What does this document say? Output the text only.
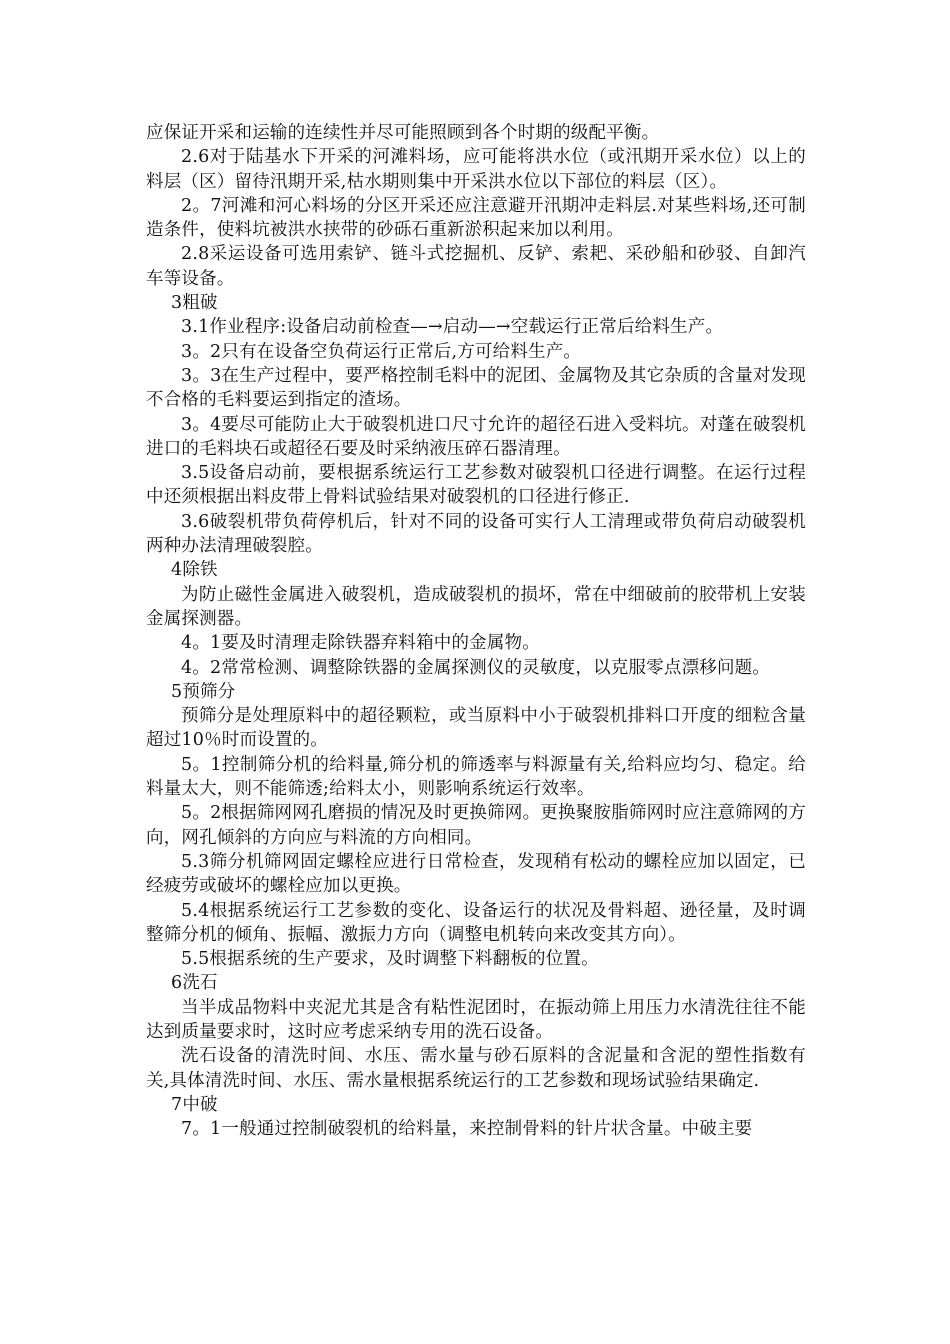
应保证开采和运输的连续性并尽可能照顾到各个时期的级配平衡。

2.6对于陆基水下开采的河滩料场，应可能将洪水位（或汛期开采水位）以上的料层（区）留待汛期开采,枯水期则集中开采洪水位以下部位的料层（区）。

2。7河滩和河心料场的分区开采还应注意避开汛期冲走料层.对某些料场,还可制造条件，使料坑被洪水挟带的砂砾石重新淤积起来加以利用。

2.8采运设备可选用索铲、链斗式挖掘机、反铲、索耙、采砂船和砂驳、自卸汽车等设备。

3粗破

3.1作业程序:设备启动前检查—→启动—→空载运行正常后给料生产。

3。2只有在设备空负荷运行正常后,方可给料生产。

3。3在生产过程中，要严格控制毛料中的泥团、金属物及其它杂质的含量对发现不合格的毛料要运到指定的渣场。

3。4要尽可能防止大于破裂机进口尺寸允许的超径石进入受料坑。对蓬在破裂机进口的毛料块石或超径石要及时采纳液压碎石器清理。

3.5设备启动前，要根据系统运行工艺参数对破裂机口径进行调整。在运行过程中还须根据出料皮带上骨料试验结果对破裂机的口径进行修正.

3.6破裂机带负荷停机后，针对不同的设备可实行人工清理或带负荷启动破裂机两种办法清理破裂腔。

4除铁

为防止磁性金属进入破裂机，造成破裂机的损坏，常在中细破前的胶带机上安装金属探测器。

4。1要及时清理走除铁器弃料箱中的金属物。

4。2常常检测、调整除铁器的金属探测仪的灵敏度，以克服零点漂移问题。

5预筛分

预筛分是处理原料中的超径颗粒，或当原料中小于破裂机排料口开度的细粒含量超过10％时而设置的。

5。1控制筛分机的给料量,筛分机的筛透率与料源量有关,给料应均匀、稳定。给料量太大，则不能筛透;给料太小，则影响系统运行效率。

5。2根据筛网网孔磨损的情况及时更换筛网。更换聚胺脂筛网时应注意筛网的方向，网孔倾斜的方向应与料流的方向相同。

5.3筛分机筛网固定螺栓应进行日常检查，发现稍有松动的螺栓应加以固定，已经疲劳或破坏的螺栓应加以更换。

5.4根据系统运行工艺参数的变化、设备运行的状况及骨料超、逊径量，及时调整筛分机的倾角、振幅、激振力方向（调整电机转向来改变其方向）。

5.5根据系统的生产要求，及时调整下料翻板的位置。

6洗石

当半成品物料中夹泥尤其是含有粘性泥团时，在振动筛上用压力水清洗往往不能达到质量要求时，这时应考虑采纳专用的洗石设备。

洗石设备的清洗时间、水压、需水量与砂石原料的含泥量和含泥的塑性指数有关,具体清洗时间、水压、需水量根据系统运行的工艺参数和现场试验结果确定.

7中破

7。1一般通过控制破裂机的给料量，来控制骨料的针片状含量。中破主要
